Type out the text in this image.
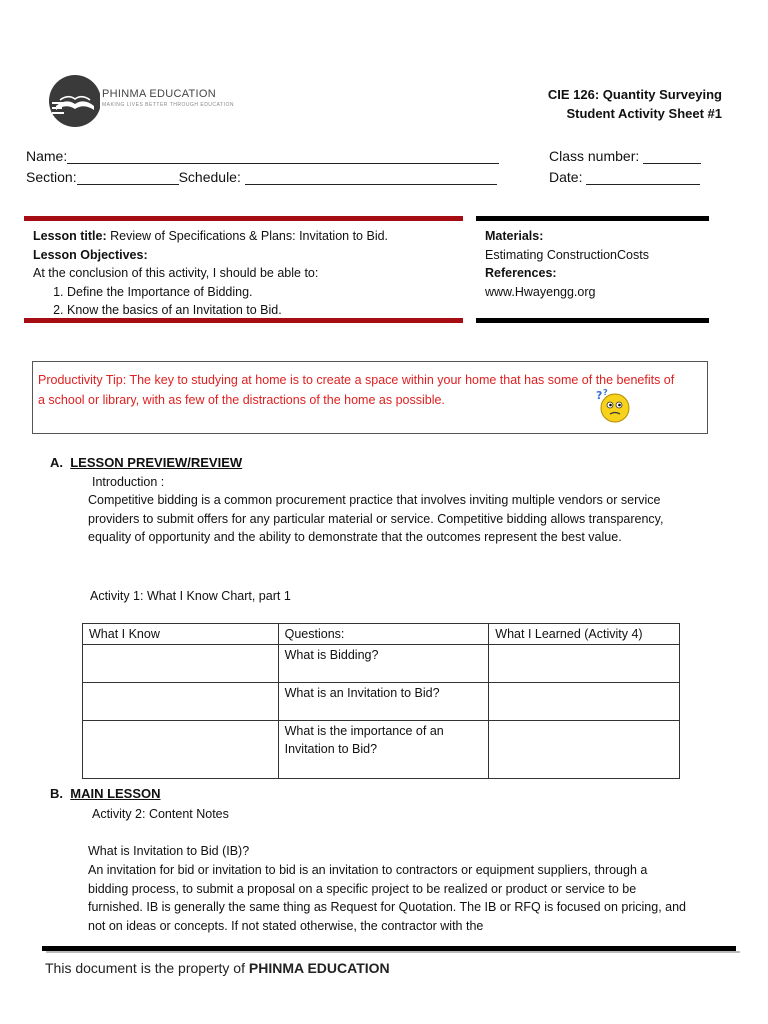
PHINMA EDUCATION
MAKING LIVES BETTER THROUGH EDUCATION
CIE 126: Quantity Surveying
Student Activity Sheet #1
Name:
Section:	Schedule:
Class number:
Date:
Lesson title: Review of Specifications & Plans: Invitation to Bid.
Lesson Objectives:
At the conclusion of this activity, I should be able to:
1. Define the Importance of Bidding.
2. Know the basics of an Invitation to Bid.
Materials:
Estimating ConstructionCosts
References:
www.Hwayengg.org
Productivity Tip: The key to studying at home is to create a space within your home that has some of the benefits of a school or library, with as few of the distractions of the home as possible.	? ?
A. LESSON PREVIEW/REVIEW
Introduction :
Competitive bidding is a common procurement practice that involves inviting multiple vendors or service providers to submit offers for any particular material or service. Competitive bidding allows transparency, equality of opportunity and the ability to demonstrate that the outcomes represent the best value.
Activity 1: What I Know Chart, part 1
What I Know	Questions:	What I Learned (Activity 4)
	What is Bidding?	
	What is an Invitation to Bid?	
	What is the importance of an Invitation to Bid?	
B. MAIN LESSON
Activity 2: Content Notes
What is Invitation to Bid (IB)?
An invitation for bid or invitation to bid is an invitation to contractors or equipment suppliers, through a bidding process, to submit a proposal on a specific project to be realized or product or service to be furnished. IB is generally the same thing as Request for Quotation. The IB or RFQ is focused on pricing, and not on ideas or concepts. If not stated otherwise, the contractor with the
This document is the property of PHINMA EDUCATION
